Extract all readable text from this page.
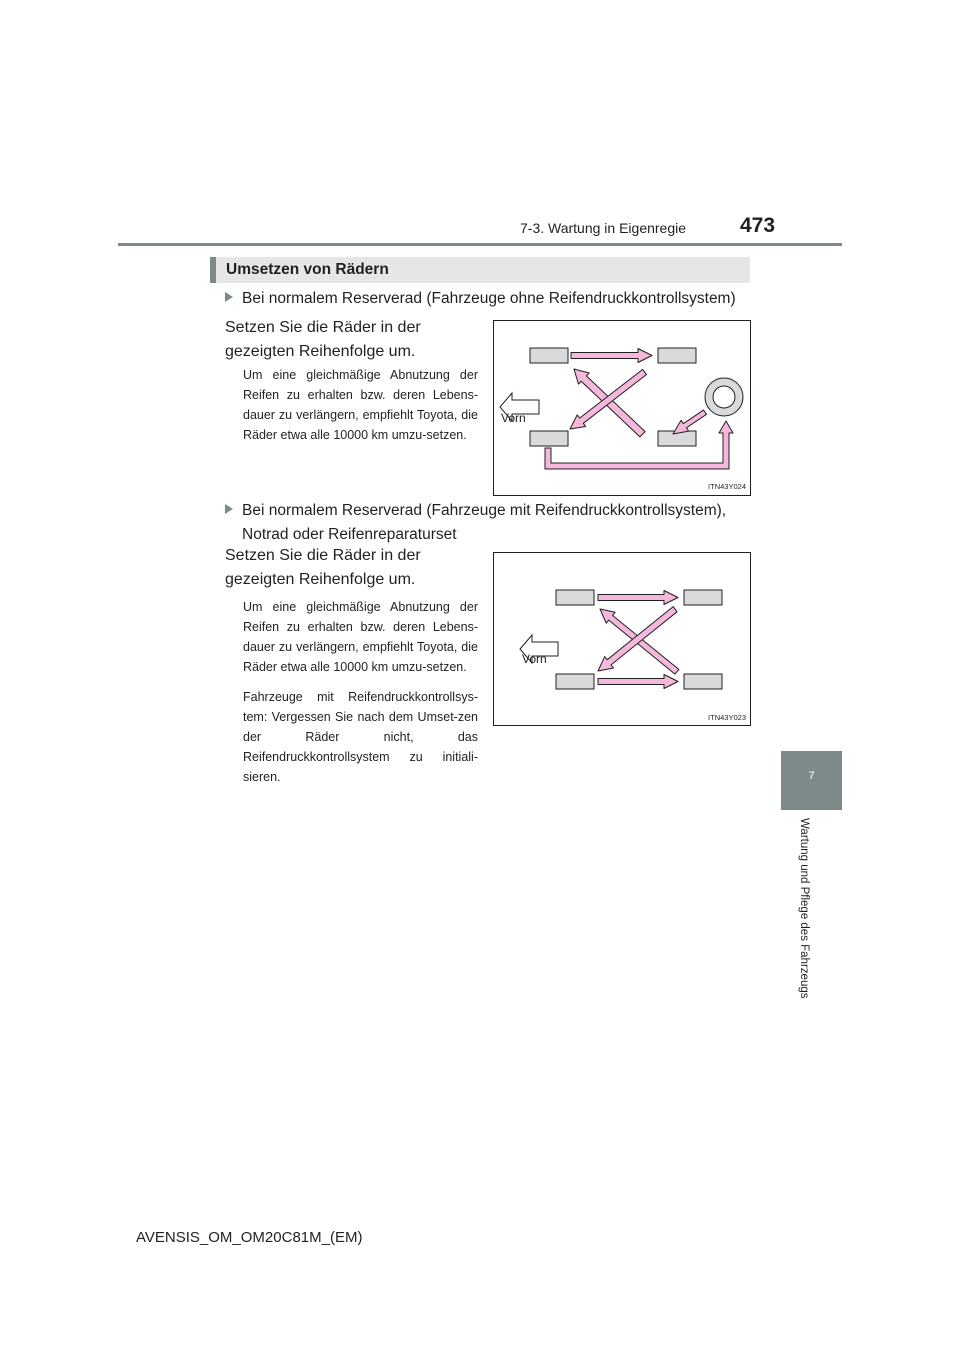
7-3. Wartung in Eigenregie	473
7
Wartung und Pflege des Fahrzeugs
Umsetzen von Rädern
Bei normalem Reserverad (Fahrzeuge ohne Reifendruckkontrollsystem)
Setzen Sie die Räder in der gezeigten Reihenfolge um.
Um eine gleichmäßige Abnutzung der Reifen zu erhalten bzw. deren Lebens-dauer zu verlängern, empfiehlt Toyota, die Räder etwa alle 10000 km umzu-setzen.
Vorn
ITN43Y024
Bei normalem Reserverad (Fahrzeuge mit Reifendruckkontrollsystem),
Notrad oder Reifenreparaturset
Setzen Sie die Räder in der gezeigten Reihenfolge um.
Um eine gleichmäßige Abnutzung der Reifen zu erhalten bzw. deren Lebens-dauer zu verlängern, empfiehlt Toyota, die Räder etwa alle 10000 km umzu-setzen.
Fahrzeuge mit Reifendruckkontrollsys-tem: Vergessen Sie nach dem Umset-zen der Räder nicht, das Reifendruckkontrollsystem zu initiali-sieren.
Vorn
ITN43Y023
AVENSIS_OM_OM20C81M_(EM)
